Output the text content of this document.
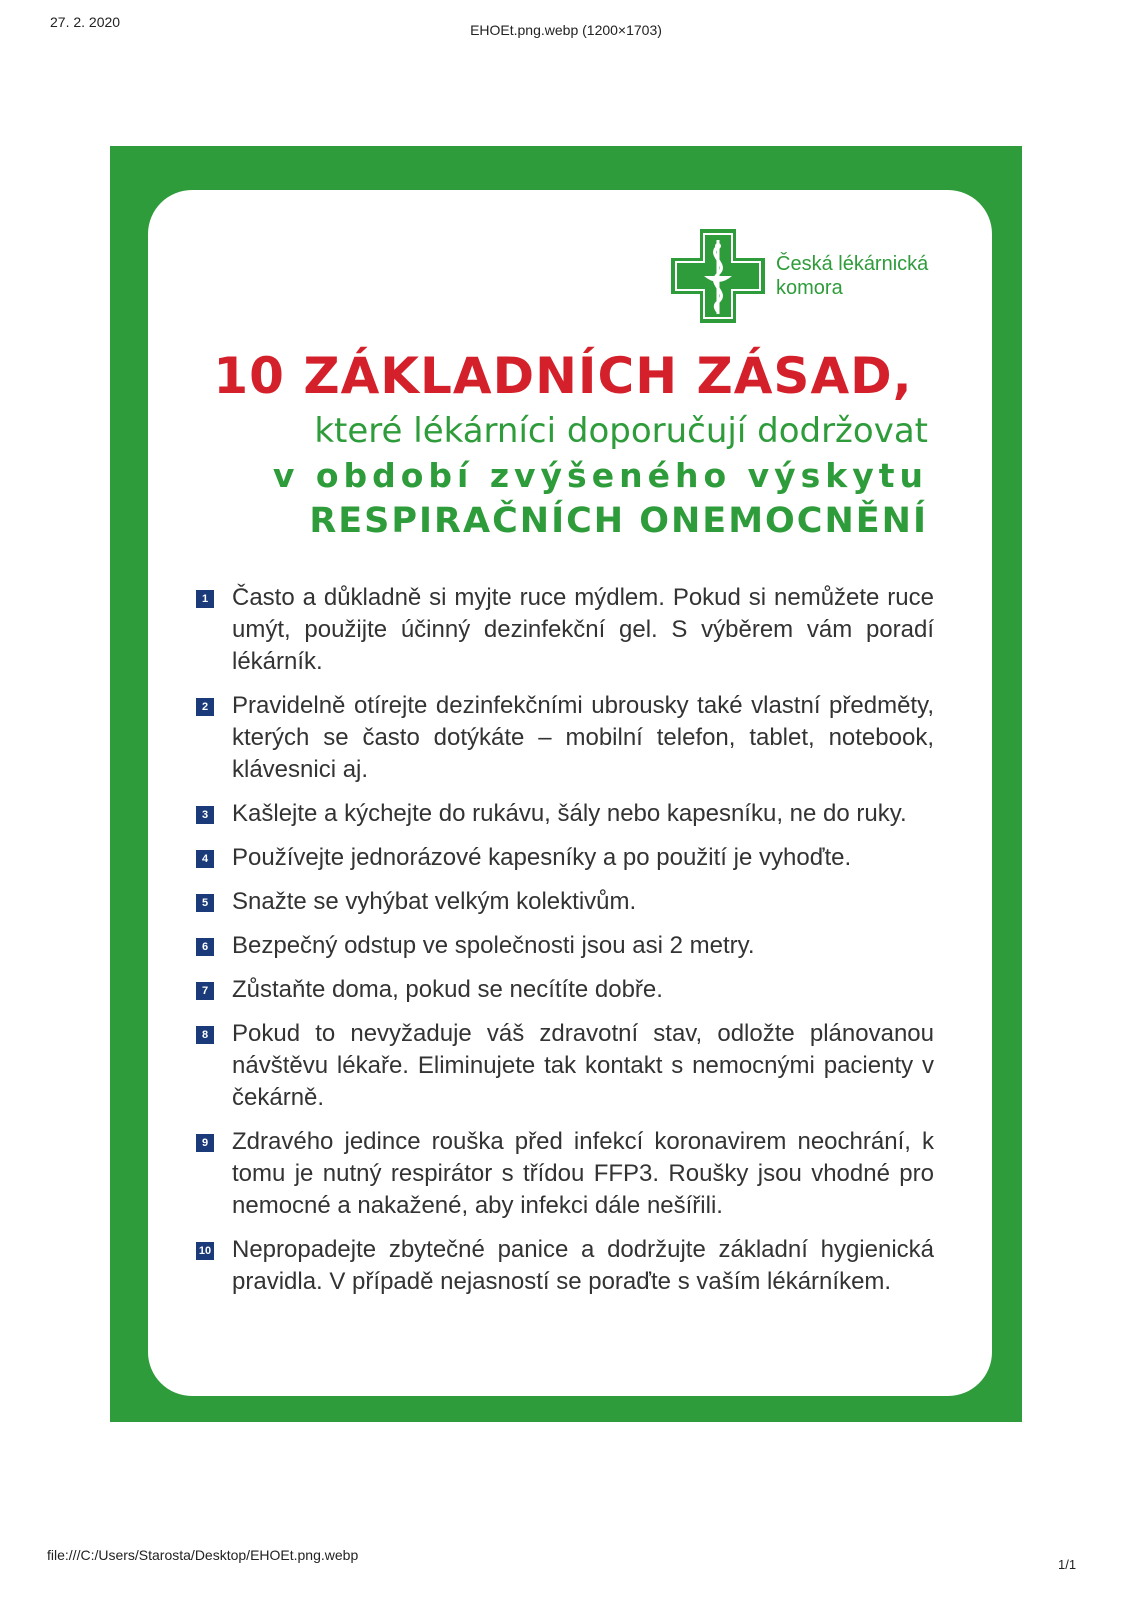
27. 2. 2020	EHOEt.png.webp (1200×1703)
Česká lékárnická
komora
10 ZÁKLADNÍCH ZÁSAD,
které lékárníci doporučují dodržovat
v období zvýšeného výskytu
RESPIRAČNÍCH ONEMOCNĚNÍ
1 Často a důkladně si myjte ruce mýdlem. Pokud si nemůžete ruce umýt, použijte účinný dezinfekční gel. S výběrem vám poradí lékárník.
2 Pravidelně otírejte dezinfekčními ubrousky také vlastní předměty, kterých se často dotýkáte – mobilní telefon, tablet, notebook, klávesnici aj.
3 Kašlejte a kýchejte do rukávu, šály nebo kapesníku, ne do ruky.
4 Používejte jednorázové kapesníky a po použití je vyhoďte.
5 Snažte se vyhýbat velkým kolektivům.
6 Bezpečný odstup ve společnosti jsou asi 2 metry.
7 Zůstaňte doma, pokud se necítíte dobře.
8 Pokud to nevyžaduje váš zdravotní stav, odložte plánovanou návštěvu lékaře. Eliminujete tak kontakt s nemocnými pacienty v čekárně.
9 Zdravého jedince rouška před infekcí koronavirem neochrání, k tomu je nutný respirátor s třídou FFP3. Roušky jsou vhodné pro nemocné a nakažené, aby infekci dále nešířili.
10 Nepropadejte zbytečné panice a dodržujte základní hygienická pravidla. V případě nejasností se poraďte s vaším lékárníkem.
file:///C:/Users/Starosta/Desktop/EHOEt.png.webp
1/1
